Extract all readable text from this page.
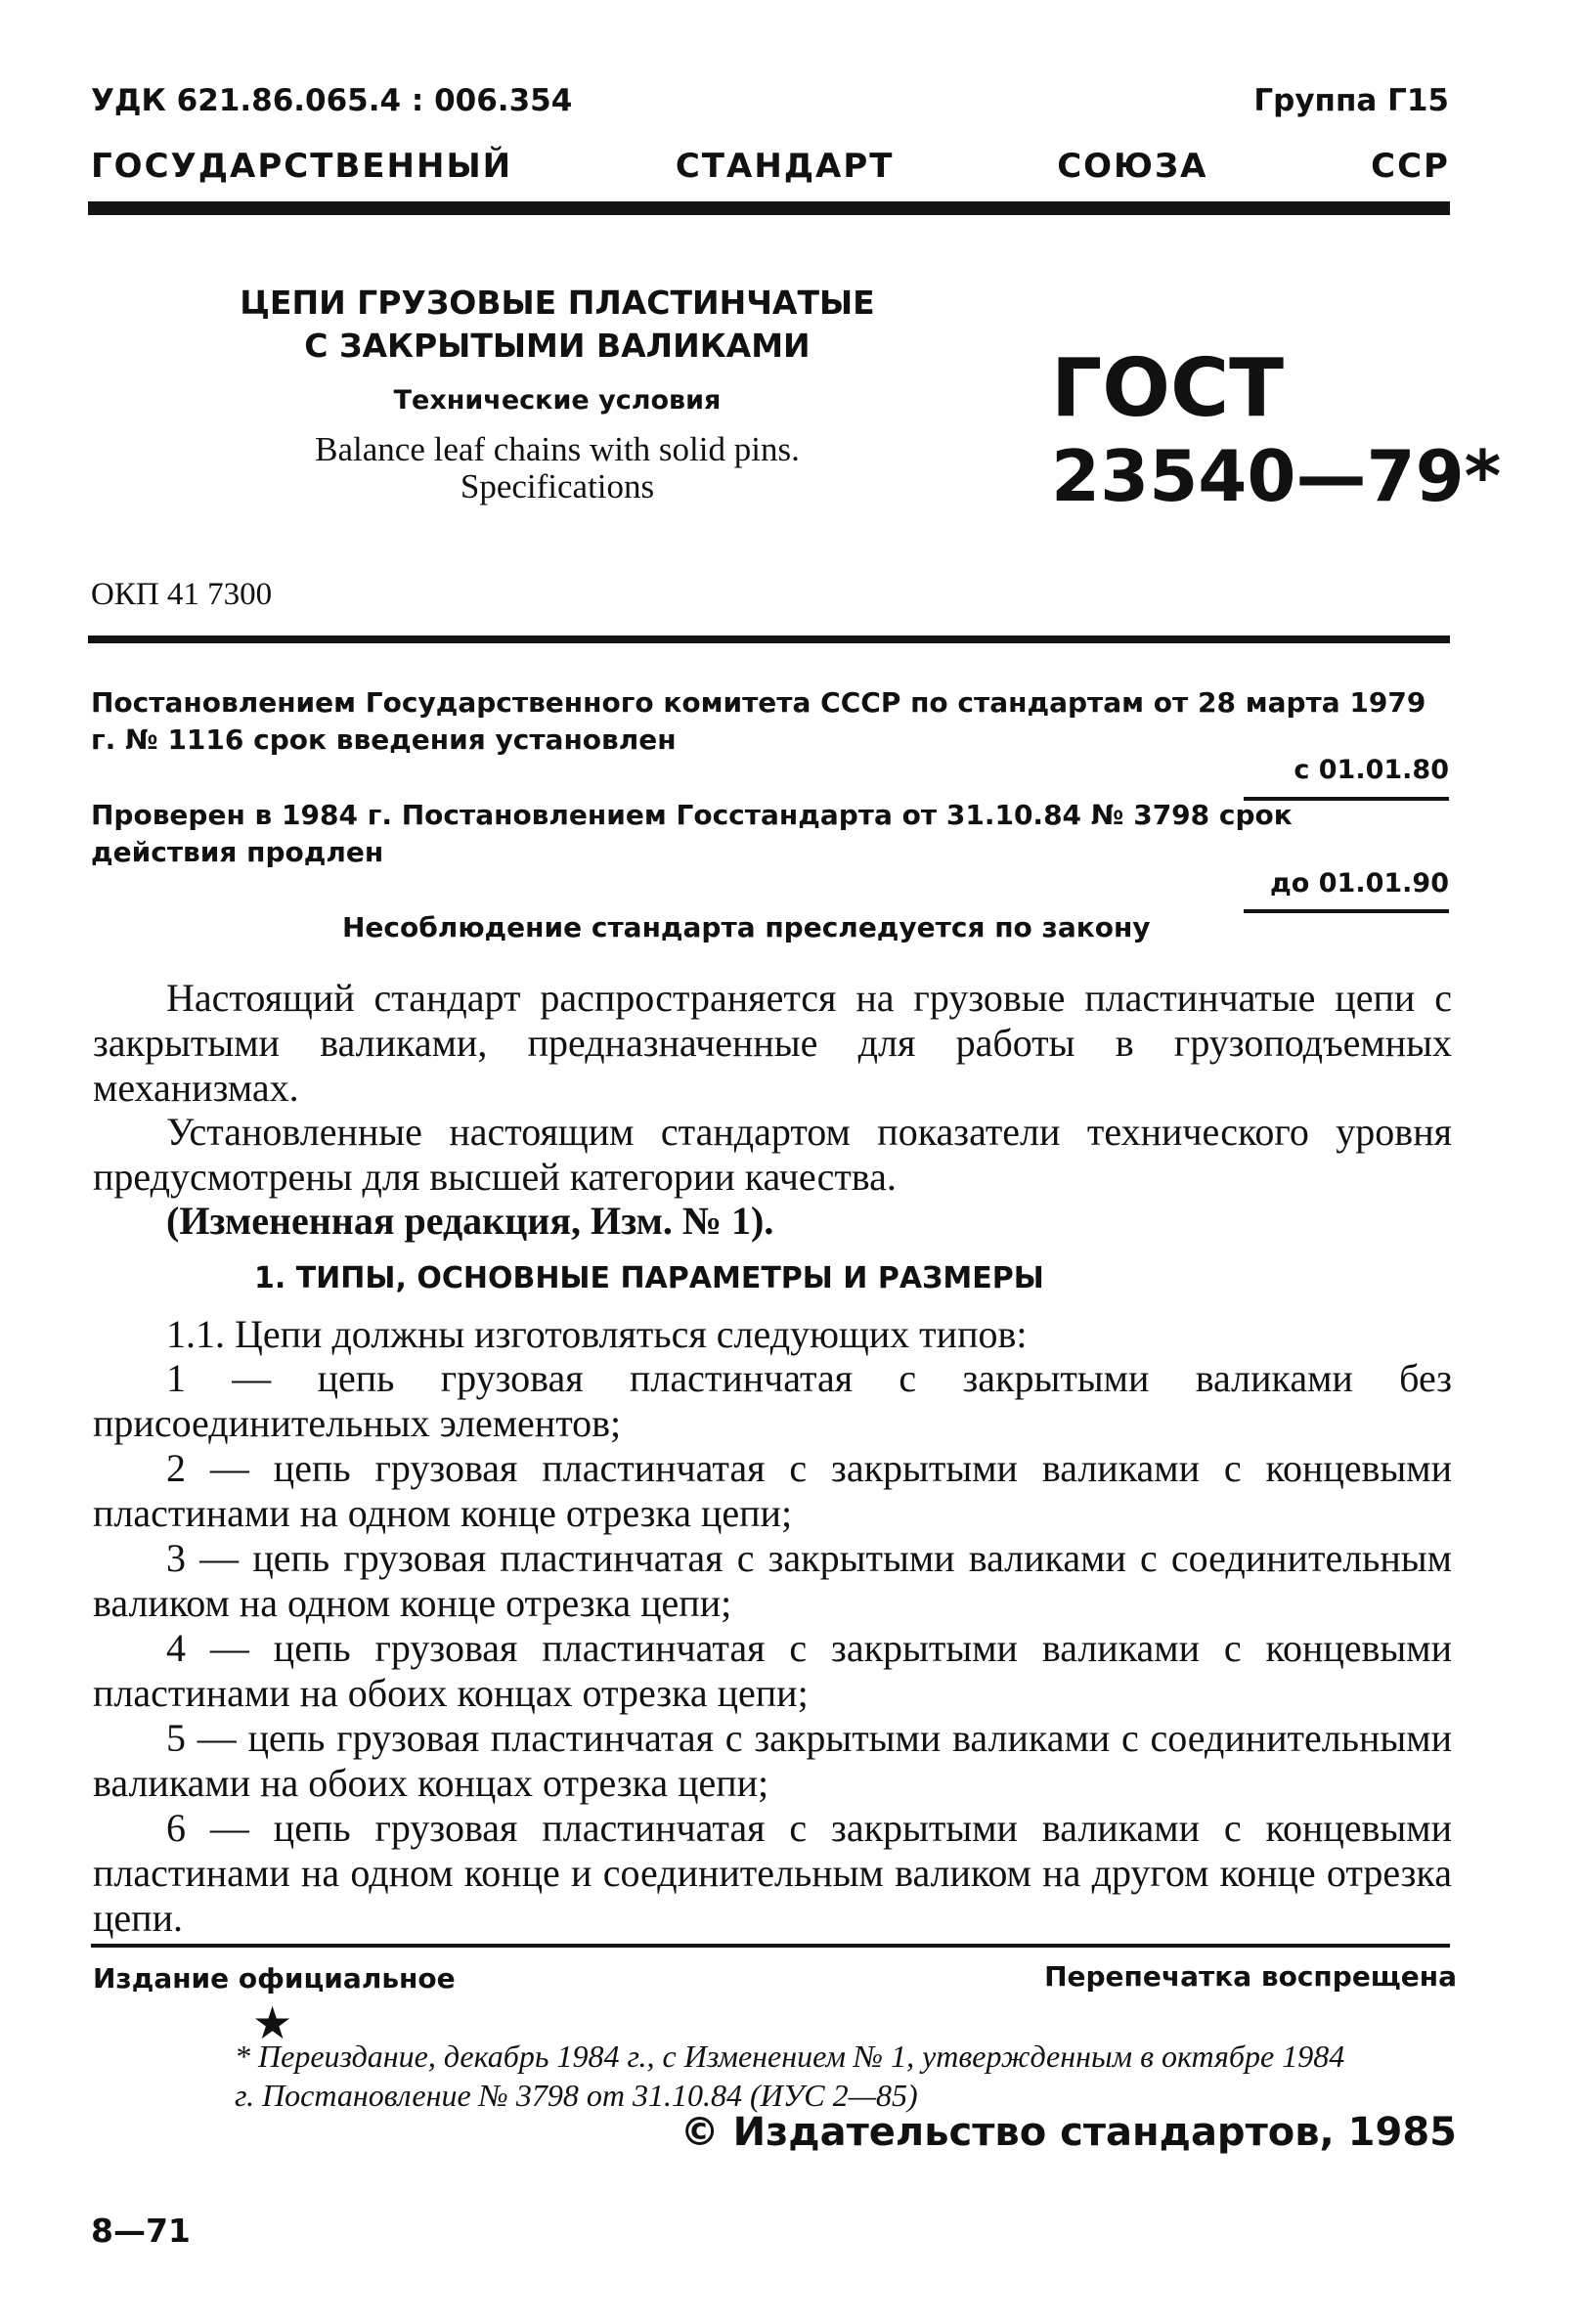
УДК 621.86.065.4 : 006.354	Группа Г15
ГОСУДАРСТВЕННЫЙ	СТАНДАРТ	СОЮЗА	ССР
ЦЕПИ ГРУЗОВЫЕ ПЛАСТИНЧАТЫЕ
С ЗАКРЫТЫМИ ВАЛИКАМИ
Технические условия
Balance leaf chains with solid pins.
Specifications
ГОСТ
23540—79*
ОКП 41 7300
Постановлением Государственного комитета СССР по стандартам от 28 марта 1979 г. № 1116 срок введения установлен
с 01.01.80
Проверен в 1984 г. Постановлением Госстандарта от 31.10.84 № 3798 срок действия продлен
до 01.01.90
Несоблюдение стандарта преследуется по закону
Настоящий стандарт распространяется на грузовые пластинчатые цепи с закрытыми валиками, предназначенные для работы в грузоподъемных механизмах.
Установленные настоящим стандартом показатели технического уровня предусмотрены для высшей категории качества.
(Измененная редакция, Изм. № 1).
1. ТИПЫ, ОСНОВНЫЕ ПАРАМЕТРЫ И РАЗМЕРЫ
1.1. Цепи должны изготовляться следующих типов:
1 — цепь грузовая пластинчатая с закрытыми валиками без присоединительных элементов;
2 — цепь грузовая пластинчатая с закрытыми валиками с концевыми пластинами на одном конце отрезка цепи;
3 — цепь грузовая пластинчатая с закрытыми валиками с соединительным валиком на одном конце отрезка цепи;
4 — цепь грузовая пластинчатая с закрытыми валиками с концевыми пластинами на обоих концах отрезка цепи;
5 — цепь грузовая пластинчатая с закрытыми валиками с соединительными валиками на обоих концах отрезка цепи;
6 — цепь грузовая пластинчатая с закрытыми валиками с концевыми пластинами на одном конце и соединительным валиком на другом конце отрезка цепи.
Издание официальное	Перепечатка воспрещена
★
* Переиздание, декабрь 1984 г., с Изменением № 1, утвержденным в октябре 1984 г. Постановление № 3798 от 31.10.84 (ИУС 2—85)
© Издательство стандартов, 1985
8—71
